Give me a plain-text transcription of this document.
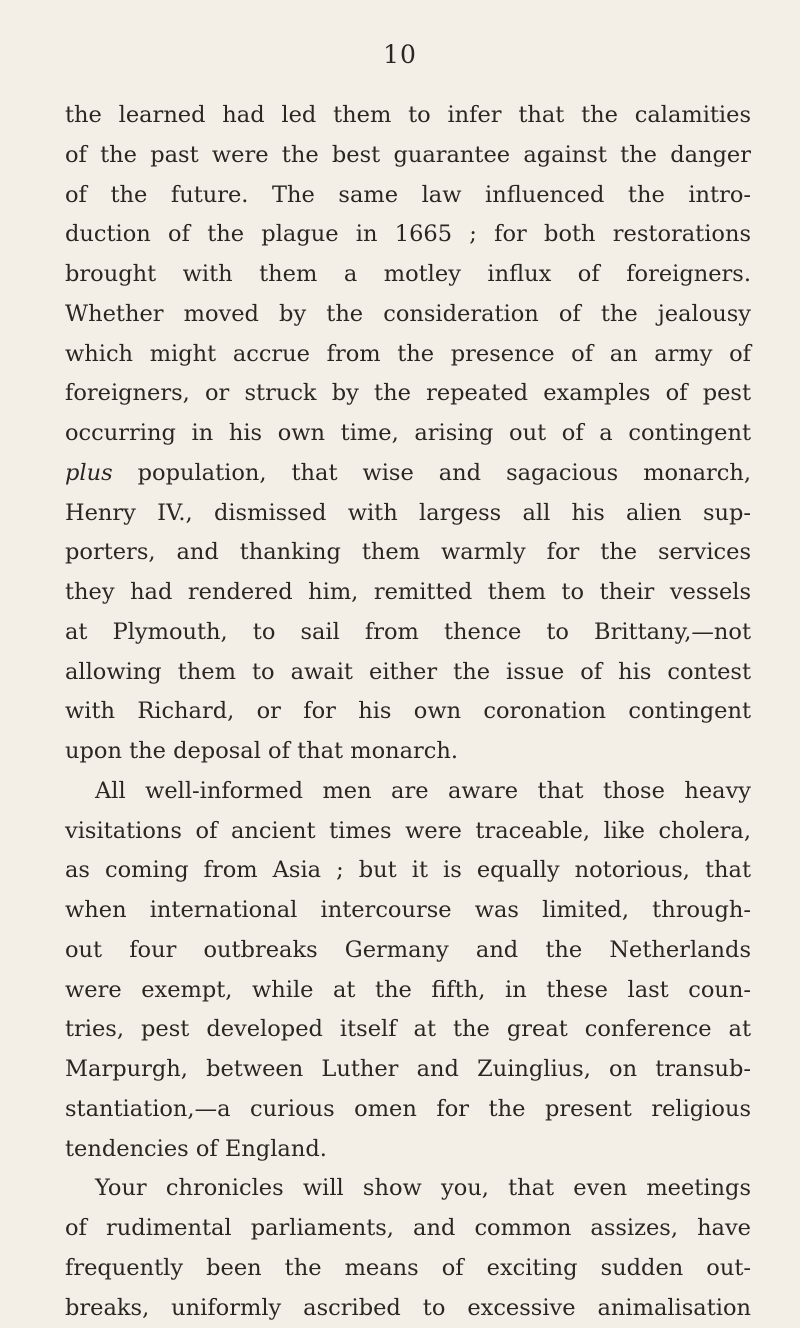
10
the learned had led them to infer that the calamities
of the past were the best guarantee against the danger
of the future. The same law influenced the intro-
duction of the plague in 1665 ; for both restorations
brought with them a motley influx of foreigners.
Whether moved by the consideration of the jealousy
which might accrue from the presence of an army of
foreigners, or struck by the repeated examples of pest
occurring in his own time, arising out of a contingent
plus population, that wise and sagacious monarch,
Henry IV., dismissed with largess all his alien sup-
porters, and thanking them warmly for the services
they had rendered him, remitted them to their vessels
at Plymouth, to sail from thence to Brittany,—not
allowing them to await either the issue of his contest
with Richard, or for his own coronation contingent
upon the deposal of that monarch.
All well-informed men are aware that those heavy
visitations of ancient times were traceable, like cholera,
as coming from Asia ; but it is equally notorious, that
when international intercourse was limited, through-
out four outbreaks Germany and the Netherlands
were exempt, while at the fifth, in these last coun-
tries, pest developed itself at the great conference at
Marpurgh, between Luther and Zuinglius, on transub-
stantiation,—a curious omen for the present religious
tendencies of England.
Your chronicles will show you, that even meetings
of rudimental parliaments, and common assizes, have
frequently been the means of exciting sudden out-
breaks, uniformly ascribed to excessive animalisation
